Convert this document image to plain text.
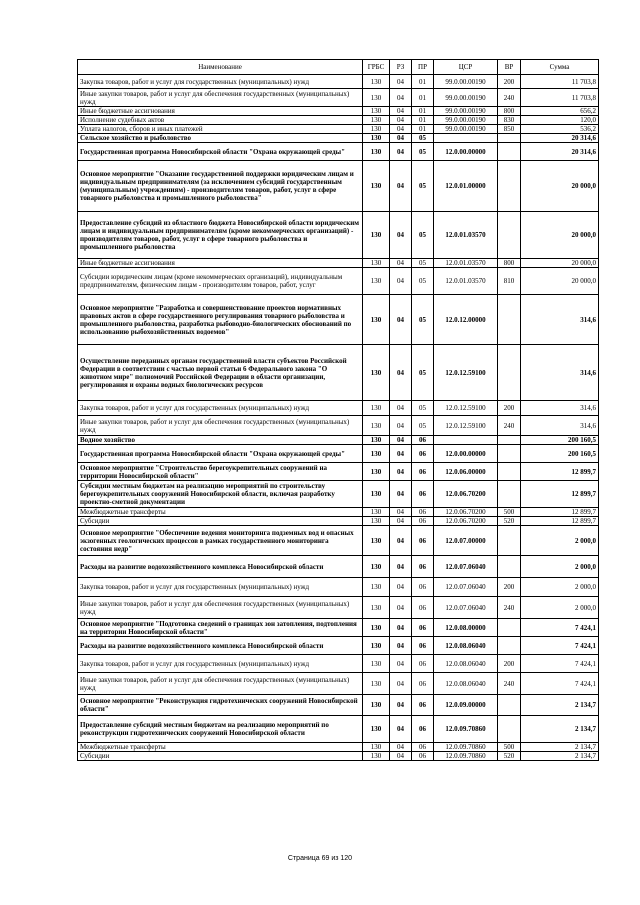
Наименование	ГРБС	РЗ	ПР	ЦСР	ВР	Сумма
Закупка товаров, работ и услуг для государственных (муниципальных) нужд	130	04	01	99.0.00.00190	200	11 703,8
Иные закупки товаров, работ и услуг для обеспечения государственных (муниципальных) нужд	130	04	01	99.0.00.00190	240	11 703,8
Иные бюджетные ассигнования	130	04	01	99.0.00.00190	800	656,2
Исполнение судебных актов	130	04	01	99.0.00.00190	830	120,0
Уплата налогов, сборов и иных платежей	130	04	01	99.0.00.00190	850	536,2
Сельское хозяйство и рыболовство	130	04	05			20 314,6
Государственная программа Новосибирской области "Охрана окружающей среды"	130	04	05	12.0.00.00000		20 314,6
Основное мероприятие "Оказание государственной поддержки юридическим лицам и индивидуальным предпринимателям (за исключением субсидий государственным (муниципальным) учреждениям) - производителям товаров, работ, услуг в сфере товарного рыболовства и промышленного рыболовства"	130	04	05	12.0.01.00000		20 000,0
Предоставление субсидий из областного бюджета Новосибирской области юридическим лицам и индивидуальным предпринимателям (кроме некоммерческих организаций) - производителям товаров, работ, услуг в сфере товарного рыболовства и промышленного рыболовства	130	04	05	12.0.01.03570		20 000,0
Иные бюджетные ассигнования	130	04	05	12.0.01.03570	800	20 000,0
Субсидии юридическим лицам (кроме некоммерческих организаций), индивидуальным предпринимателям, физическим лицам - производителям товаров, работ, услуг	130	04	05	12.0.01.03570	810	20 000,0
Основное мероприятие "Разработка и совершенствование проектов нормативных правовых актов в сфере государственного регулирования товарного рыболовства и промышленного рыболовства, разработка рыбоводно-биологических обоснований по использованию рыбохозяйственных водоемов"	130	04	05	12.0.12.00000		314,6
Осуществление переданных органам государственной власти субъектов Российской Федерации в соответствии с частью первой статьи 6 Федерального закона "О животном мире" полномочий Российской Федерации в области организации, регулирования и охраны водных биологических ресурсов	130	04	05	12.0.12.59100		314,6
Закупка товаров, работ и услуг для государственных (муниципальных) нужд	130	04	05	12.0.12.59100	200	314,6
Иные закупки товаров, работ и услуг для обеспечения государственных (муниципальных) нужд	130	04	05	12.0.12.59100	240	314,6
Водное хозяйство	130	04	06			200 160,5
Государственная программа Новосибирской области "Охрана окружающей среды"	130	04	06	12.0.00.00000		200 160,5
Основное мероприятие "Строительство берегоукрепительных сооружений на территории Новосибирской области"	130	04	06	12.0.06.00000		12 899,7
Субсидии местным бюджетам на реализацию мероприятий по строительству берегоукрепительных сооружений Новосибирской области, включая разработку проектно-сметной документации	130	04	06	12.0.06.70200		12 899,7
Межбюджетные трансферты	130	04	06	12.0.06.70200	500	12 899,7
Субсидии	130	04	06	12.0.06.70200	520	12 899,7
Основное мероприятие "Обеспечение ведения мониторинга подземных вод и опасных экзогенных геологических процессов в рамках государственного мониторинга состояния недр"	130	04	06	12.0.07.00000		2 000,0
Расходы на развитие водохозяйственного комплекса Новосибирской области	130	04	06	12.0.07.06040		2 000,0
Закупка товаров, работ и услуг для государственных (муниципальных) нужд	130	04	06	12.0.07.06040	200	2 000,0
Иные закупки товаров, работ и услуг для обеспечения государственных (муниципальных) нужд	130	04	06	12.0.07.06040	240	2 000,0
Основное мероприятие "Подготовка сведений о границах зон затопления, подтопления на территории Новосибирской области"	130	04	06	12.0.08.00000		7 424,1
Расходы на развитие водохозяйственного комплекса Новосибирской области	130	04	06	12.0.08.06040		7 424,1
Закупка товаров, работ и услуг для государственных (муниципальных) нужд	130	04	06	12.0.08.06040	200	7 424,1
Иные закупки товаров, работ и услуг для обеспечения государственных (муниципальных) нужд	130	04	06	12.0.08.06040	240	7 424,1
Основное мероприятие "Реконструкция гидротехнических сооружений Новосибирской области"	130	04	06	12.0.09.00000		2 134,7
Предоставление субсидий местным бюджетам на реализацию мероприятий по реконструкции гидротехнических сооружений Новосибирской области	130	04	06	12.0.09.70860		2 134,7
Межбюджетные трансферты	130	04	06	12.0.09.70860	500	2 134,7
Субсидии	130	04	06	12.0.09.70860	520	2 134,7
Страница 69 из 120
